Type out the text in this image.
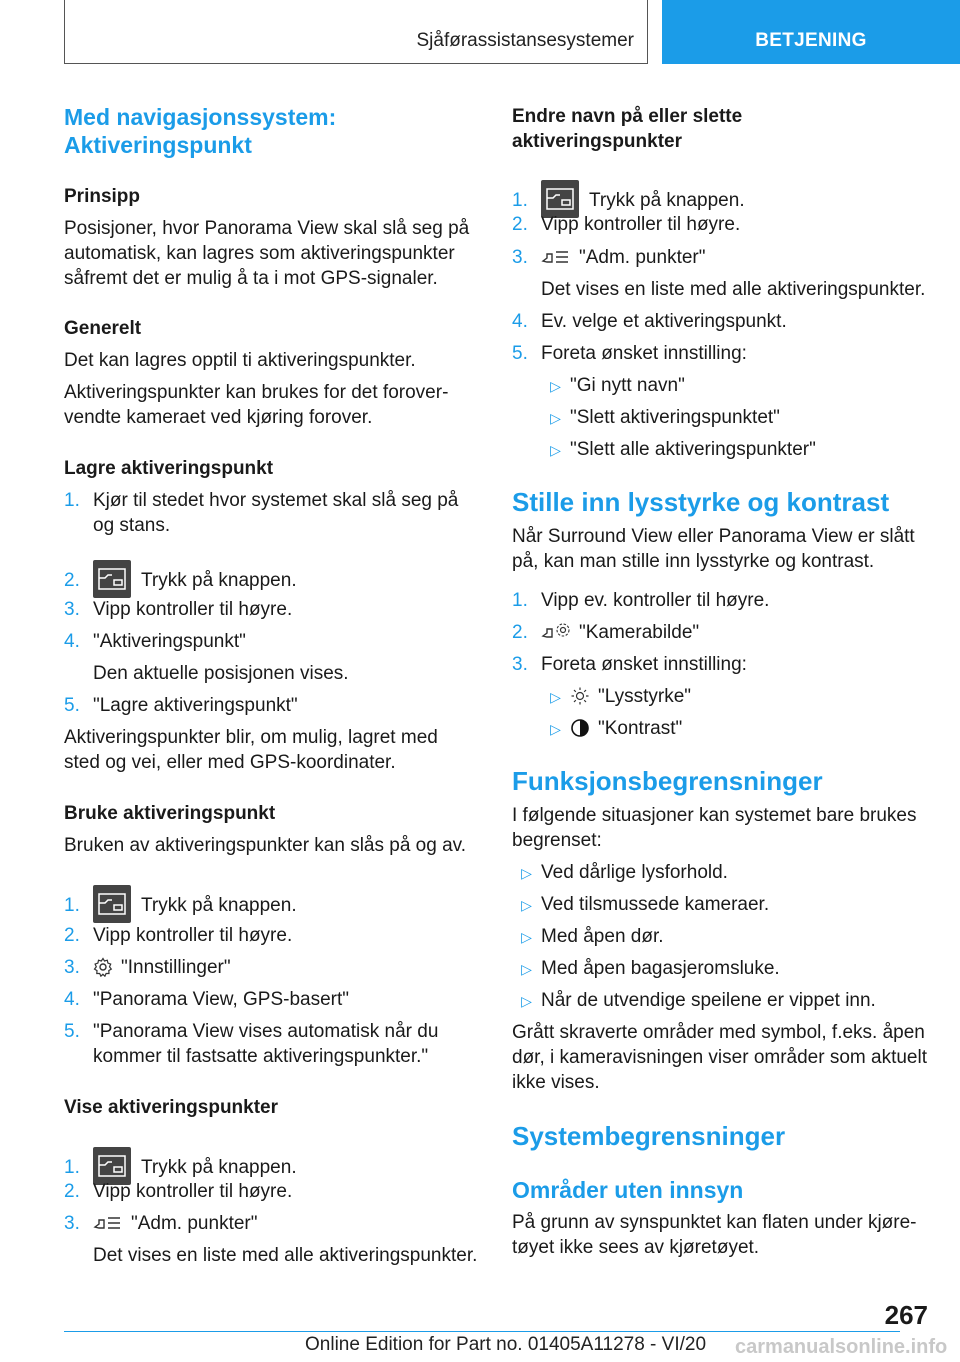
Sjåførassistansesystemer	BETJENING
Med navigasjonssystem:
Aktiveringspunkt
Prinsipp
Posisjoner, hvor Panorama View skal slå seg på
automatisk, kan lagres som aktiveringspunkter
såfremt det er mulig å ta i mot GPS-signaler.
Generelt
Det kan lagres opptil ti aktiveringspunkter.
Aktiveringspunkter kan brukes for det forover-
vendte kameraet ved kjøring forover.
Lagre aktiveringspunkt
1. Kjør til stedet hvor systemet skal slå seg på
og stans.
2.	Trykk på knappen.
3. Vipp kontroller til høyre.
4. "Aktiveringspunkt"
Den aktuelle posisjonen vises.
5. "Lagre aktiveringspunkt"
Aktiveringspunkter blir, om mulig, lagret med
sted og vei, eller med GPS-koordinater.
Bruke aktiveringspunkt
Bruken av aktiveringspunkter kan slås på og av.
1.	Trykk på knappen.
2. Vipp kontroller til høyre.
3. "Innstillinger"
4. "Panorama View, GPS-basert"
5. "Panorama View vises automatisk når du
kommer til fastsatte aktiveringspunkter."
Vise aktiveringspunkter
1.	Trykk på knappen.
2. Vipp kontroller til høyre.
3.	"Adm. punkter"
Det vises en liste med alle aktiveringspunkter.
Endre navn på eller slette
aktiveringspunkter
1.	Trykk på knappen.
2. Vipp kontroller til høyre.
3.	"Adm. punkter"
Det vises en liste med alle aktiveringspunkter.
4. Ev. velge et aktiveringspunkt.
5. Foreta ønsket innstilling:
▷ "Gi nytt navn"
▷ "Slett aktiveringspunktet"
▷ "Slett alle aktiveringspunkter"
Stille inn lysstyrke og kontrast
Når Surround View eller Panorama View er slått
på, kan man stille inn lysstyrke og kontrast.
1. Vipp ev. kontroller til høyre.
2.	"Kamerabilde"
3. Foreta ønsket innstilling:
▷ "Lysstyrke"
▷ "Kontrast"
Funksjonsbegrensninger
I følgende situasjoner kan systemet bare brukes
begrenset:
▷ Ved dårlige lysforhold.
▷ Ved tilsmussede kameraer.
▷ Med åpen dør.
▷ Med åpen bagasjeromsluke.
▷ Når de utvendige speilene er vippet inn.
Grått skraverte områder med symbol, f.eks. åpen
dør, i kameravisningen viser områder som aktuelt
ikke vises.
Systembegrensninger
Områder uten innsyn
På grunn av synspunktet kan flaten under kjøre-
tøyet ikke sees av kjøretøyet.
267
Online Edition for Part no. 01405A11278 - VI/20 carmanualsonline.info
